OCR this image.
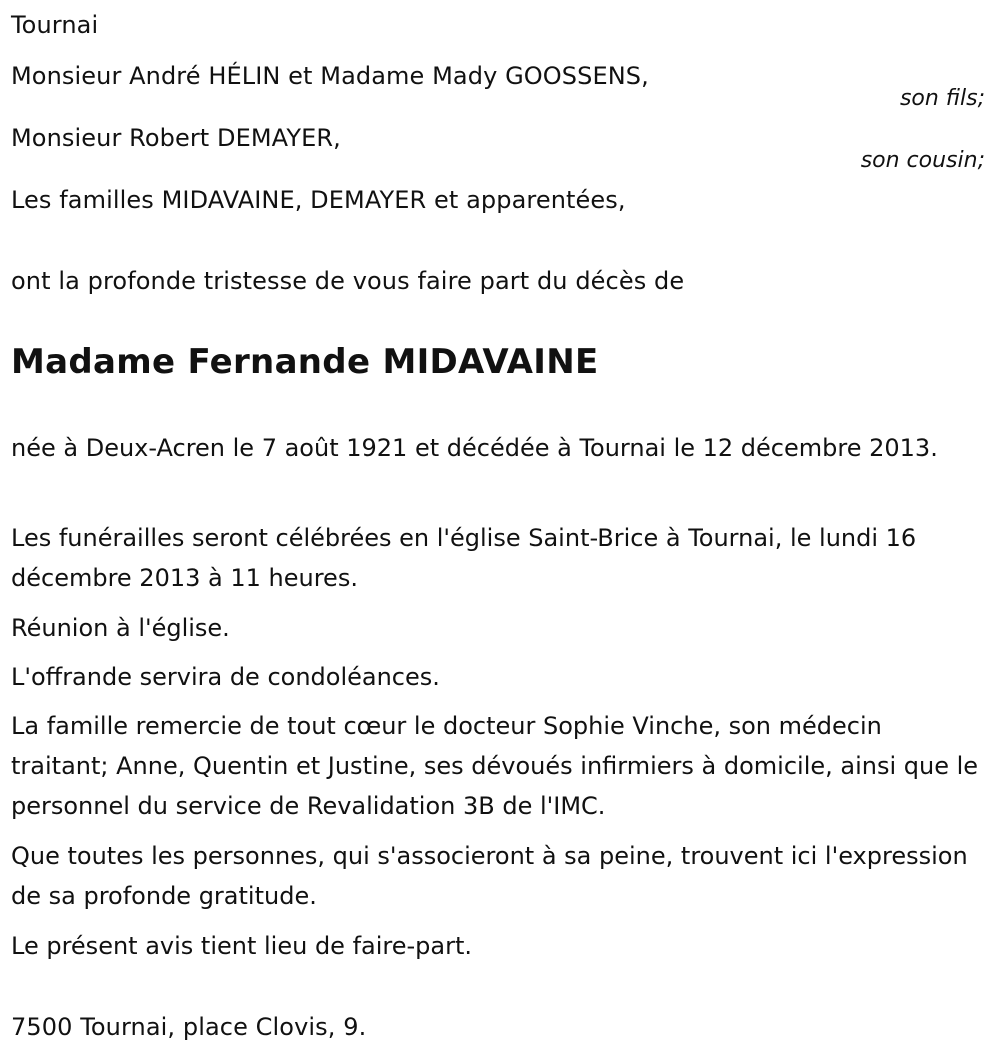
Tournai
Monsieur André HÉLIN et Madame Mady GOOSSENS,
son fils;
Monsieur Robert DEMAYER,
son cousin;
Les familles MIDAVAINE, DEMAYER et apparentées,
ont la profonde tristesse de vous faire part du décès de
Madame Fernande MIDAVAINE
née à Deux-Acren le 7 août 1921 et décédée à Tournai le 12 décembre 2013.
Les funérailles seront célébrées en l'église Saint-Brice à Tournai, le lundi 16 décembre 2013 à 11 heures.
Réunion à l'église.
L'offrande servira de condoléances.
La famille remercie de tout cœur le docteur Sophie Vinche, son médecin traitant; Anne, Quentin et Justine, ses dévoués infirmiers à domicile, ainsi que le personnel du service de Revalidation 3B de l'IMC.
Que toutes les personnes, qui s'associeront à sa peine, trouvent ici l'expression de sa profonde gratitude.
Le présent avis tient lieu de faire-part.
7500 Tournai, place Clovis, 9.
